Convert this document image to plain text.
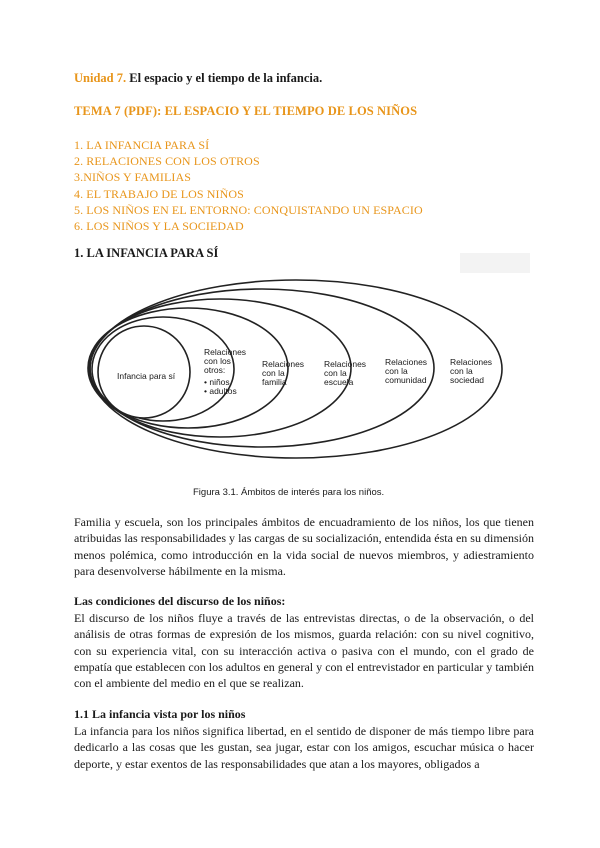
Unidad 7. El espacio y el tiempo de la infancia.
TEMA 7 (PDF): EL ESPACIO Y EL TIEMPO DE LOS NIÑOS
1. LA INFANCIA PARA SÍ
2. RELACIONES CON LOS OTROS
3.NIÑOS Y FAMILIAS
4. EL TRABAJO DE LOS NIÑOS
5. LOS NIÑOS EN EL ENTORNO: CONQUISTANDO UN ESPACIO
6. LOS NIÑOS Y LA SOCIEDAD
1. LA INFANCIA PARA SÍ
Infancia para sí
Relaciones
con los
otros:
• niños
• adultos
Relaciones
con la
familia
Relaciones
con la
escuela
Relaciones
con la
comunidad
Relaciones
con la
sociedad
Figura 3.1. Ámbitos de interés para los niños.

Familia y escuela, son los principales ámbitos de encuadramiento de los niños, los que tienen atribuidas las responsabilidades y las cargas de su socialización, entendida ésta en su dimensión menos polémica, como introducción en la vida social de nuevos miembros, y adiestramiento para desenvolverse hábilmente en la misma.

Las condiciones del discurso de los niños:

El discurso de los niños fluye a través de las entrevistas directas, o de la observación, o del análisis de otras formas de expresión de los mismos, guarda relación: con su nivel cognitivo, con su experiencia vital, con su interacción activa o pasiva con el mundo, con el grado de empatía que establecen con los adultos en general y con el entrevistador en particular y también con el ambiente del medio en el que se realizan.

1.1 La infancia vista por los niños

La infancia para los niños significa libertad, en el sentido de disponer de más tiempo libre para dedicarlo a las cosas que les gustan, sea jugar, estar con los amigos, escuchar música o hacer deporte, y estar exentos de las responsabilidades que atan a los mayores, obligados a
